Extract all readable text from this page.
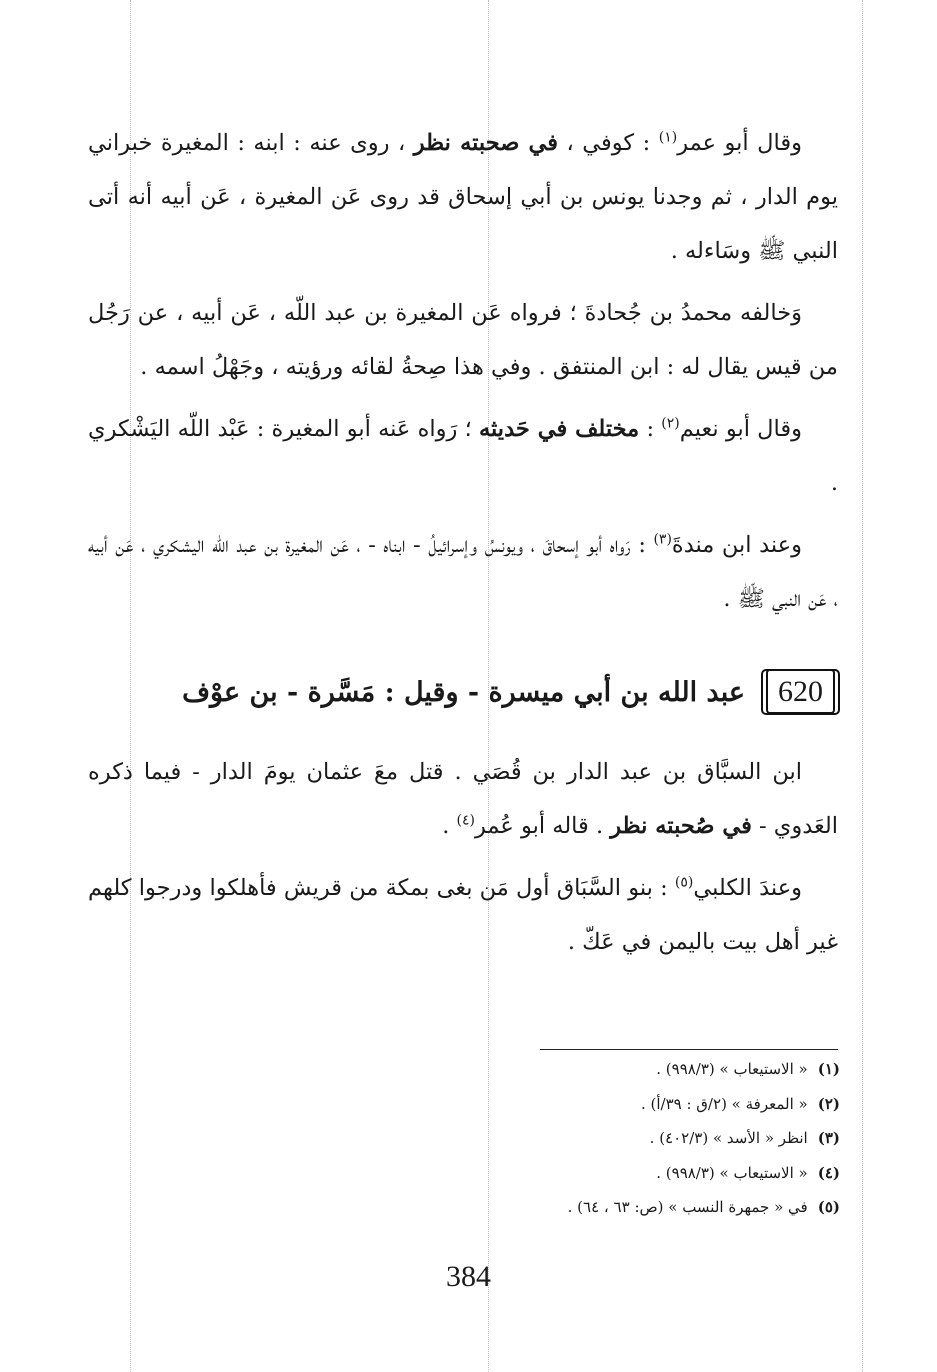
وقال أبو عمر$^{(١)}$ : كوفي ، في صحبته نظر ، روى عنه : ابنه : المغيرة خبراني يوم الدار ، ثم وجدنا يونس بن أبي إسحاق قد روى عَن المغيرة ، عَن أبيه أنه أتى النبي ﷺ وسَاءله .

وَخالفه محمدُ بن جُحادةَ ؛ فرواه عَن المغيرة بن عبد اللّه ، عَن أبيه ، عن رَجُل من قيس يقال له : ابن المنتفق . وفي هذا صِحةُ لقائه ورؤيته ، وجَهْلُ اسمه .

وقال أبو نعيم$^{(٢)}$ : مختلف في حَديثه ؛ رَواه عَنه أبو المغيرة : عَبْد اللّه اليَشْكري .

وعند ابن مندةَ$^{(٣)}$ : رَواه أبو إسحاقَ ، ويونسُ وإسرائيلُ - ابناه - ، عَن المغيرة بن عبد اللّه اليشكري ، عَن أبيه ، عَن النبي ﷺ .

620
عبد الله بن أبي ميسرة - وقيل : مَسَّرة - بن عوْف

ابن السبَّاق بن عبد الدار بن قُصَي . قتل معَ عثمان يومَ الدار - فيما ذكره العَدوي - في صُحبته نظر . قاله أبو عُمر$^{(٤)}$ .

وعندَ الكلبي$^{(٥)}$ : بنو السَّبَاق أول مَن بغى بمكة من قريش فأهلكوا ودرجوا كلهم غير أهل بيت باليمن في عَكّ .

(١)« الاستيعاب » (٩٩٨/٣) .
(٢)« المعرفة » (٢/ق : ٣٩/أ) .
(٣)انظر « الأسد » (٤٠٢/٣) .
(٤)« الاستيعاب » (٩٩٨/٣) .
(٥)في « جمهرة النسب » (ص: ٦٣ ، ٦٤) .
384
